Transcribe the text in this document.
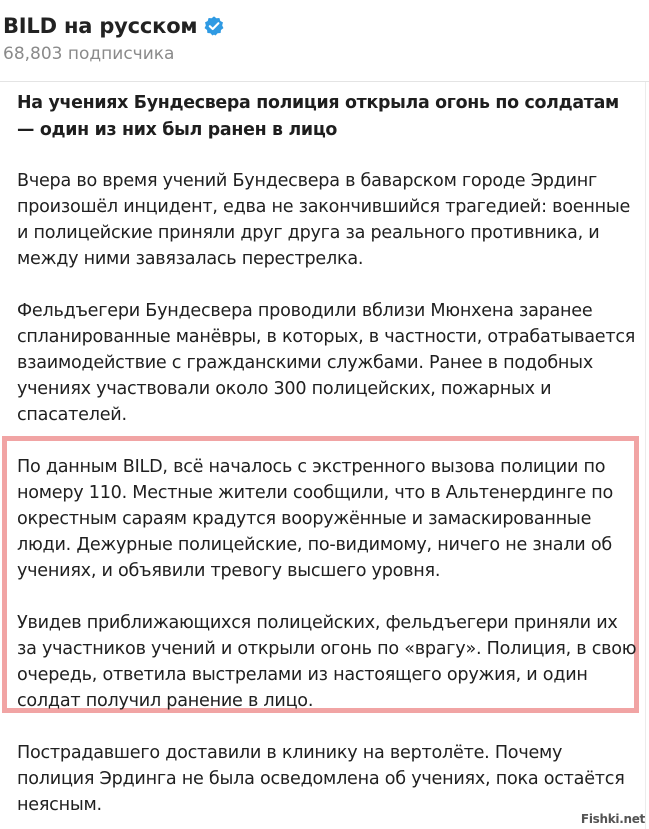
BILD на русском
68,803 подписчика

На учениях Бундесвера полиция открыла огонь по солдатам — один из них был ранен в лицо

Вчера во время учений Бундесвера в баварском городе Эрдинг произошёл инцидент, едва не закончившийся трагедией: военные и полицейские приняли друг друга за реального противника, и между ними завязалась перестрелка.

Фельдъегери Бундесвера проводили вблизи Мюнхена заранее спланированные манёвры, в которых, в частности, отрабатывается взаимодействие с гражданскими службами. Ранее в подобных учениях участвовали около 300 полицейских, пожарных и спасателей.

По данным BILD, всё началось с экстренного вызова полиции по номеру 110. Местные жители сообщили, что в Альтенердинге по окрестным сараям крадутся вооружённые и замаскированные люди. Дежурные полицейские, по-видимому, ничего не знали об учениях, и объявили тревогу высшего уровня.

Увидев приближающихся полицейских, фельдъегери приняли их за участников учений и открыли огонь по «врагу». Полиция, в свою очередь, ответила выстрелами из настоящего оружия, и один солдат получил ранение в лицо.

Пострадавшего доставили в клинику на вертолёте. Почему полиция Эрдинга не была осведомлена об учениях, пока остаётся неясным.

Fishki.net
